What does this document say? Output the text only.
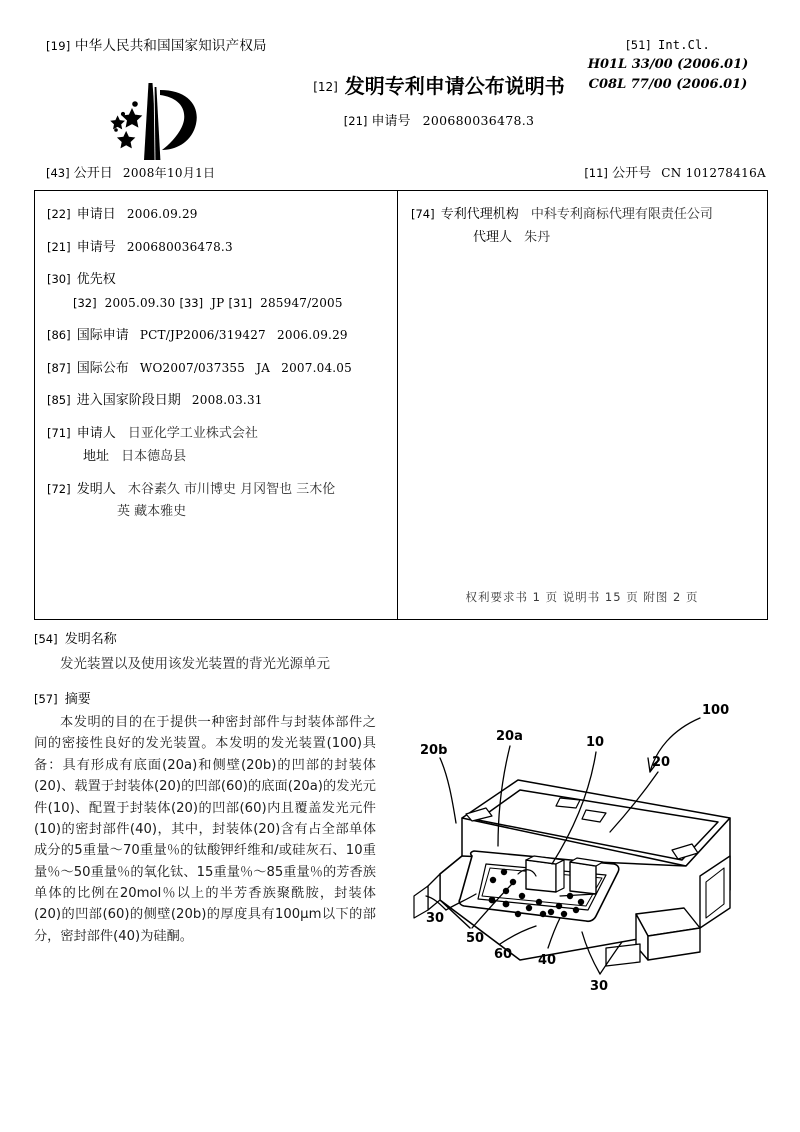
[19] 中华人民共和国国家知识产权局
[12] 发明专利申请公布说明书
[21] 申请号 200680036478.3
[51] Int.Cl.
H01L 33/00 (2006.01)
C08L 77/00 (2006.01)
[43] 公开日 2008年10月1日	[11] 公开号 CN 101278416A
[22] 申请日 2006.09.29
[21] 申请号 200680036478.3
[30] 优先权
[32] 2005.09.30 [33] JP [31] 285947/2005
[86] 国际申请 PCT/JP2006/319427 2006.09.29
[87] 国际公布 WO2007/037355 JA 2007.04.05
[85] 进入国家阶段日期 2008.03.31
[71] 申请人 日亚化学工业株式会社
地址 日本德岛县
[72] 发明人 木谷素久 市川博史 月冈智也 三木伦
英 藏本雅史
[74] 专利代理机构 中科专利商标代理有限责任公司
代理人 朱丹
权利要求书 1 页 说明书 15 页 附图 2 页
[54] 发明名称
发光装置以及使用该发光装置的背光光源单元
[57] 摘要
本发明的目的在于提供一种密封部件与封装体部件之间的密接性良好的发光装置。本发明的发光装置(100)具备：具有形成有底面(20a)和侧壁(20b)的凹部的封装体(20)、载置于封装体(20)的凹部(60)的底面(20a)的发光元件(10)、配置于封装体(20)的凹部(60)内且覆盖发光元件(10)的密封部件(40)，其中，封装体(20)含有占全部单体成分的5重量～70重量％的钛酸钾纤维和/或硅灰石、10重量％～50重量％的氧化钛、15重量％～85重量％的芳香族单体的比例在20mol％以上的半芳香族聚酰胺，封装体(20)的凹部(60)的侧壁(20b)的厚度具有100μm以下的部分，密封部件(40)为硅酮。
100
20b
20a	10
20
30
50
60 40
30
